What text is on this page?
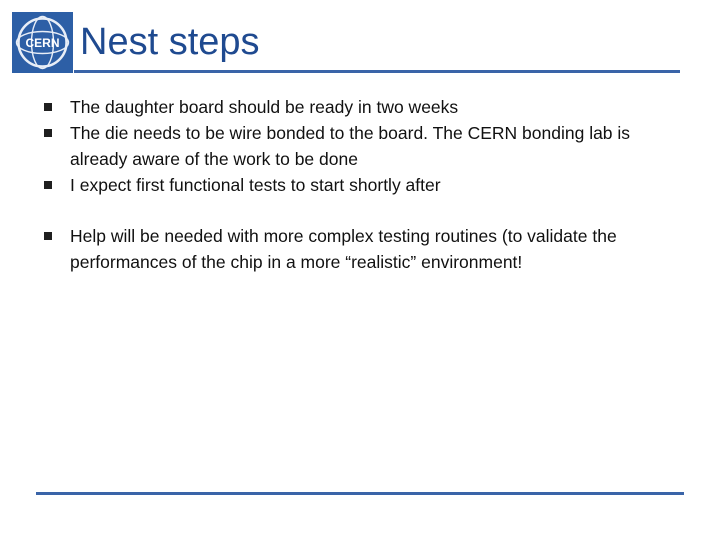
CERN Nest steps
The daughter board should be ready in two weeks
The die needs to be wire bonded to the board. The CERN bonding lab is already aware of the work to be done
I expect first functional tests to start shortly after
Help will be needed with more complex testing routines (to validate the performances of the chip in a more “realistic” environment!
